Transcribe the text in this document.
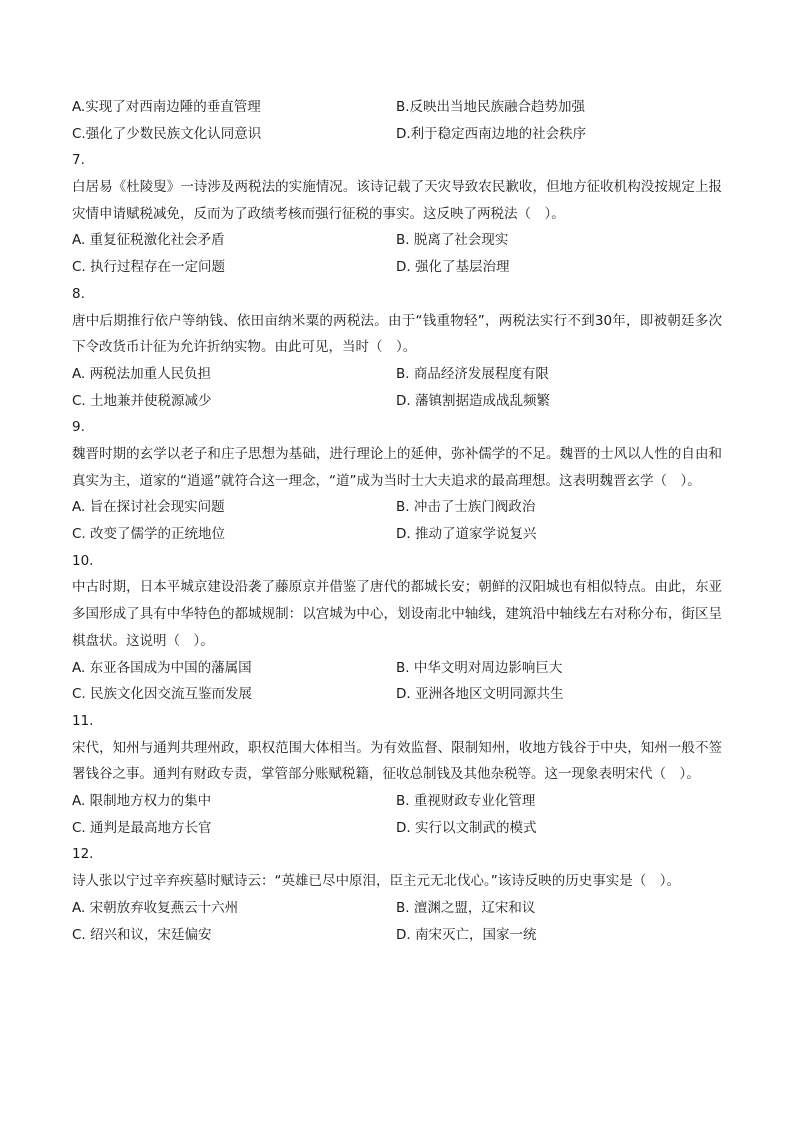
A.实现了对西南边陲的垂直管理	B.反映出当地民族融合趋势加强
C.强化了少数民族文化认同意识	D.利于稳定西南边地的社会秩序
7.
白居易《杜陵叟》一诗涉及两税法的实施情况。该诗记载了天灾导致农民歉收，但地方征收机构没按规定上报灾情申请赋税减免，反而为了政绩考核而强行征税的事实。这反映了两税法（　）。
A. 重复征税激化社会矛盾	B. 脱离了社会现实
C. 执行过程存在一定问题	D. 强化了基层治理
8.
唐中后期推行依户等纳钱、依田亩纳米粟的两税法。由于“钱重物轻”，两税法实行不到30年，即被朝廷多次下令改货币计征为允许折纳实物。由此可见，当时（　）。
A. 两税法加重人民负担	B. 商品经济发展程度有限
C. 土地兼并使税源减少	D. 藩镇割据造成战乱频繁
9.
魏晋时期的玄学以老子和庄子思想为基础，进行理论上的延伸，弥补儒学的不足。魏晋的士风以人性的自由和真实为主，道家的“逍遥”就符合这一理念，“道”成为当时士大夫追求的最高理想。这表明魏晋玄学（　）。
A. 旨在探讨社会现实问题	B. 冲击了士族门阀政治
C. 改变了儒学的正统地位	D. 推动了道家学说复兴
10.
中古时期，日本平城京建设沿袭了藤原京并借鉴了唐代的都城长安；朝鲜的汉阳城也有相似特点。由此，东亚多国形成了具有中华特色的都城规制：以宫城为中心，划设南北中轴线，建筑沿中轴线左右对称分布，街区呈棋盘状。这说明（　）。
A. 东亚各国成为中国的藩属国	B. 中华文明对周边影响巨大
C. 民族文化因交流互鉴而发展	D. 亚洲各地区文明同源共生
11.
宋代，知州与通判共理州政，职权范围大体相当。为有效监督、限制知州，收地方钱谷于中央，知州一般不签署钱谷之事。通判有财政专责，掌管部分账赋税籍，征收总制钱及其他杂税等。这一现象表明宋代（　）。
A. 限制地方权力的集中	B. 重视财政专业化管理
C. 通判是最高地方长官	D. 实行以文制武的模式
12.
诗人张以宁过辛弃疾墓时赋诗云：“英雄已尽中原泪，臣主元无北伐心。”该诗反映的历史事实是（　）。
A. 宋朝放弃收复燕云十六州	B. 澶渊之盟，辽宋和议
C. 绍兴和议，宋廷偏安	D. 南宋灭亡，国家一统
